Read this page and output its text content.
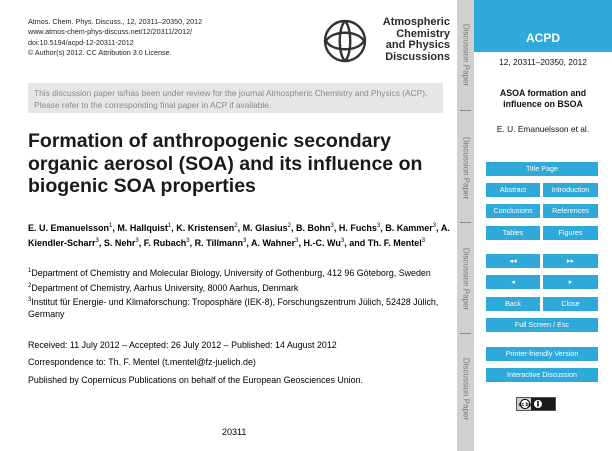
Atmos. Chem. Phys. Discuss., 12, 20311–20350, 2012
www.atmos-chem-phys-discuss.net/12/20311/2012/
doi:10.5194/acpd-12-20311-2012
© Author(s) 2012. CC Attribution 3.0 License.
Atmospheric
Chemistry
and Physics
Discussions
This discussion paper is/has been under review for the journal Atmospheric Chemistry and Physics (ACP). Please refer to the corresponding final paper in ACP if available.
Formation of anthropogenic secondary organic aerosol (SOA) and its influence on biogenic SOA properties
E. U. Emanuelsson$^1$, M. Hallquist$^1$, K. Kristensen$^2$, M. Glasius$^2$, B. Bohn$^3$, H. Fuchs$^3$, B. Kammer$^3$, A. Kiendler-Scharr$^3$, S. Nehr$^3$, F. Rubach$^3$, R. Tillmann$^3$, A. Wahner$^3$, H.-C. Wu$^3$, and Th. F. Mentel$^3$
$^1$Department of Chemistry and Molecular Biology, University of Gothenburg, 412 96 Göteborg, Sweden
$^2$Department of Chemistry, Aarhus University, 8000 Aarhus, Denmark
$^3$Institut für Energie- und Klimaforschung: Troposphäre (IEK-8), Forschungszentrum Jülich, 52428 Jülich, Germany
Received: 11 July 2012 – Accepted: 26 July 2012 – Published: 14 August 2012
Correspondence to: Th. F. Mentel (t.mentel@fz-juelich.de)
Published by Copernicus Publications on behalf of the European Geosciences Union.
20311
Discussion Paper
Discussion Paper
Discussion Paper
Discussion Paper
ACPD
12, 20311–20350, 2012
ASOA formation and influence on BSOA
E. U. Emanuelsson et al.
Title Page
Abstract	Introduction
Conclusions	References
Tables	Figures
◂◂	▸▸
◂	▸
Back	Close
Full Screen / Esc
Printer-friendly Version
Interactive Discussion
cc by
